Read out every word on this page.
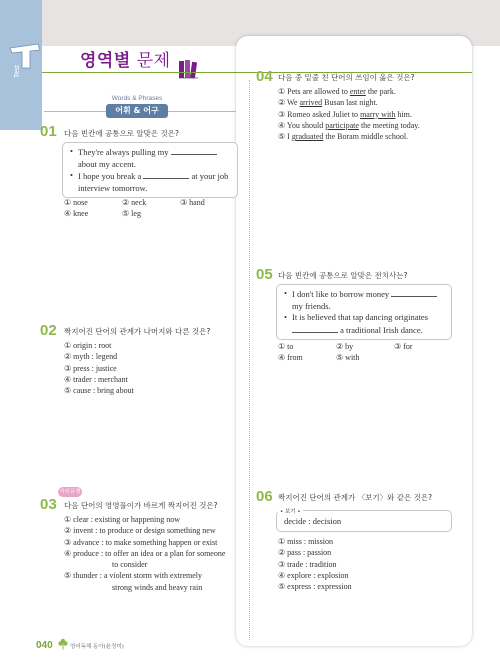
Test
영역별 문제
Words & Phrases
어휘 & 어구
01 다음 빈칸에 공통으로 알맞은 것은?
• They're always pulling my  about my accent.
• I hope you break a	at your job interview tomorrow.
① nose	② neck	③ hand
④ knee	⑤ leg
02 짝지어진 단어의 관계가 나머지와 다른 것은?
① origin : root
② myth : legend
③ press : justice
④ trader : merchant
⑤ cause : bring about
자신유형
03 다음 단어의 영영풀이가 바르게 짝지어진 것은?
① clear : existing or happening now
② invent : to produce or design something new
③ advance : to make something happen or exist
④ produce : to offer an idea or a plan for someone
to consider
⑤ thunder : a violent storm with extremely
strong winds and heavy rain
04 다음 중 밑줄 친 단어의 쓰임이 옳은 것은?
① Pets are allowed to enter the park.
② We arrived Busan last night.
③ Romeo asked Juliet to marry with him.
④ You should participate the meeting today.
⑤ I graduated the Boram middle school.
05 다음 빈칸에 공통으로 알맞은 전치사는?
• I don't like to borrow money  my friends.
• It is believed that tap dancing originates  a traditional Irish dance.
① to	② by	③ for
④ from	⑤ with
06 짝지어진 단어의 관계가 〈보기〉와 같은 것은?
decide : decision
• 보기 •
① miss : mission
② pass : passion
③ trade : tradition
④ explore : explosion
⑤ express : expression
040	영어독해 동아(윤정미)
